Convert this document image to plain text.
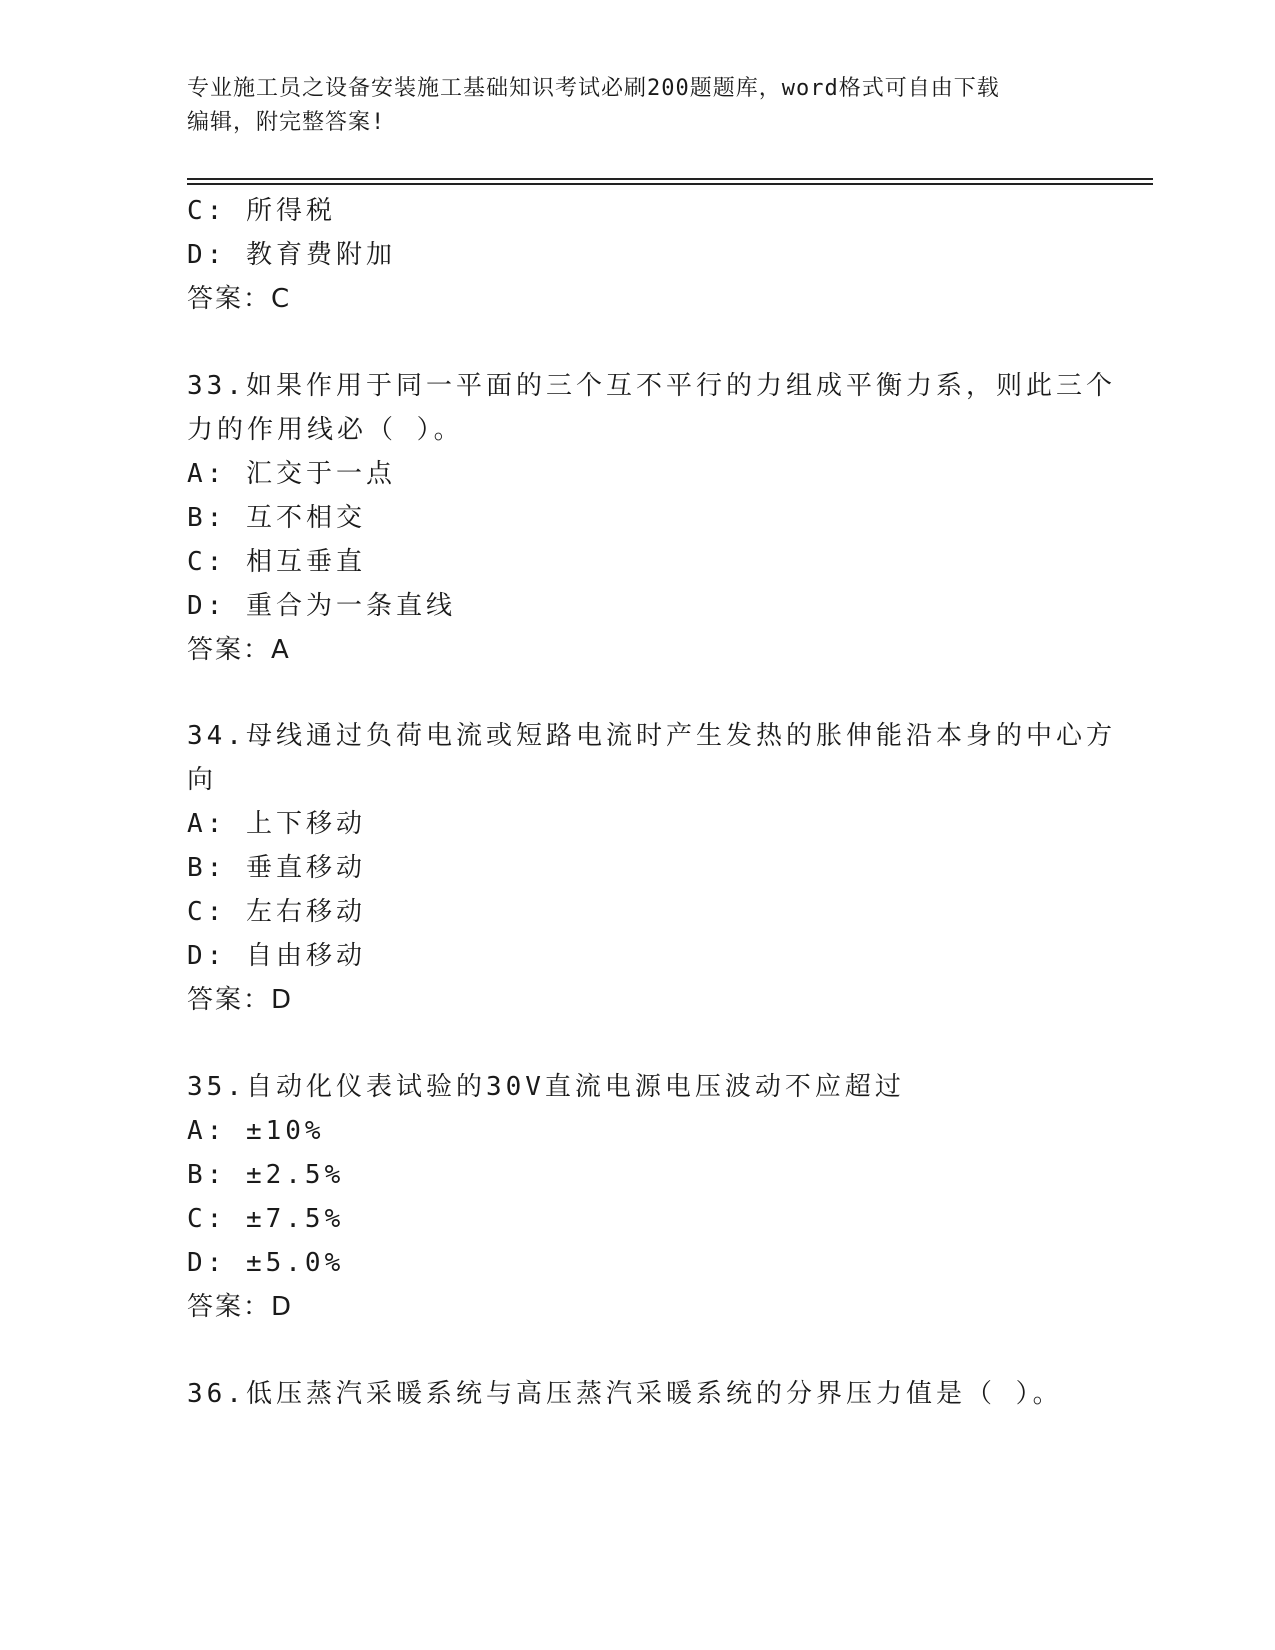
专业施工员之设备安装施工基础知识考试必刷200题题库，word格式可自由下载
编辑，附完整答案!
C: 所得税
D: 教育费附加
答案：C
33.如果作用于同一平面的三个互不平行的力组成平衡力系，则此三个
力的作用线必（ ）。
A: 汇交于一点
B: 互不相交
C: 相互垂直
D: 重合为一条直线
答案：A
34.母线通过负荷电流或短路电流时产生发热的胀伸能沿本身的中心方
向
A: 上下移动
B: 垂直移动
C: 左右移动
D: 自由移动
答案：D
35.自动化仪表试验的30V直流电源电压波动不应超过
A: ±10%
B: ±2.5%
C: ±7.5%
D: ±5.0%
答案：D
36.低压蒸汽采暖系统与高压蒸汽采暖系统的分界压力值是（ ）。
